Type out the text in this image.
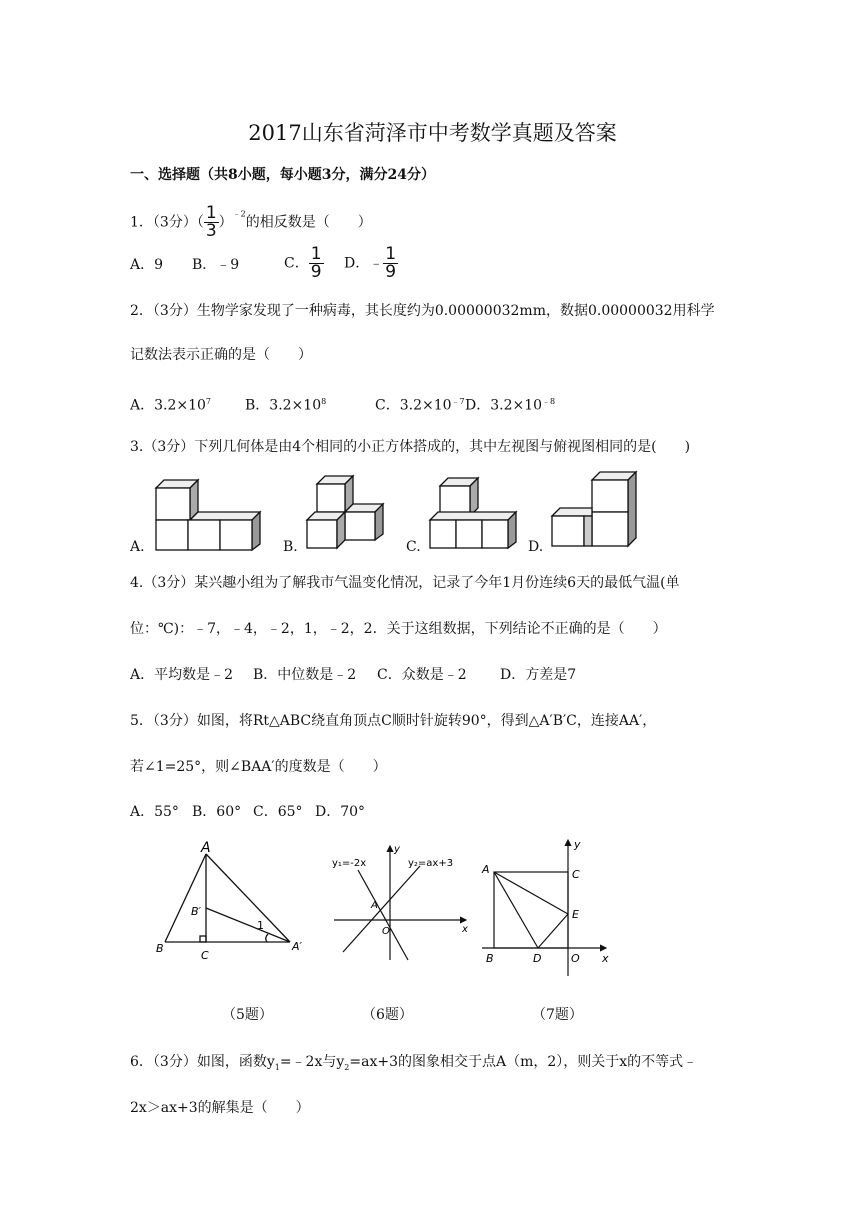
2017山东省菏泽市中考数学真题及答案
一、选择题（共8小题，每小题3分，满分24分）
1．（3分）（ $\frac{1}{3} )^{﹣2}$的相反数是（　　）
A．9 B．﹣9	C． $\frac{1}{9}$ D．﹣ $\frac{1}{9}$
2．（3分）生物学家发现了一种病毒，其长度约为0.00000032mm，数据0.00000032用科学
记数法表示正确的是（　　）
A．$3.2\times 10^7$ B．$3.2\times 10^8$	C．$3.2\times 10^{﹣7}$ D．$3.2\times 10^{﹣8}$
3.（3分）下列几何体是由4个相同的小正方体搭成的，其中左视图与俯视图相同的是(　　)
A.	B.	C.	D.
4.（3分）某兴趣小组为了解我市气温变化情况，记录了今年1月份连续6天的最低气温(单
位：℃)：﹣7，﹣4，﹣2，1，﹣2，2．关于这组数据，下列结论不正确的是（　　）
A．平均数是﹣2 B．中位数是﹣2 C．众数是﹣2 D．方差是7
5．（3分）如图，将Rt△ABC绕直角顶点C顺时针旋转90°，得到△A′B′C，连接AA′，
若∠1=25°，则∠BAA′的度数是（　　）
A．55° B．60° C．65° D．70°
A
B
C
B′
A′
1
（5题）
y₁=-2x	y₂=ax+3
y
x
A
O
（6题）
A
B
C
D
E
O
y
x
（7题）
6．（3分）如图，函数$y_1=﹣2x$与$y_2=ax+3$的图象相交于点A（m，2），则关于x的不等式﹣
2x＞ax+3的解集是（　　）
